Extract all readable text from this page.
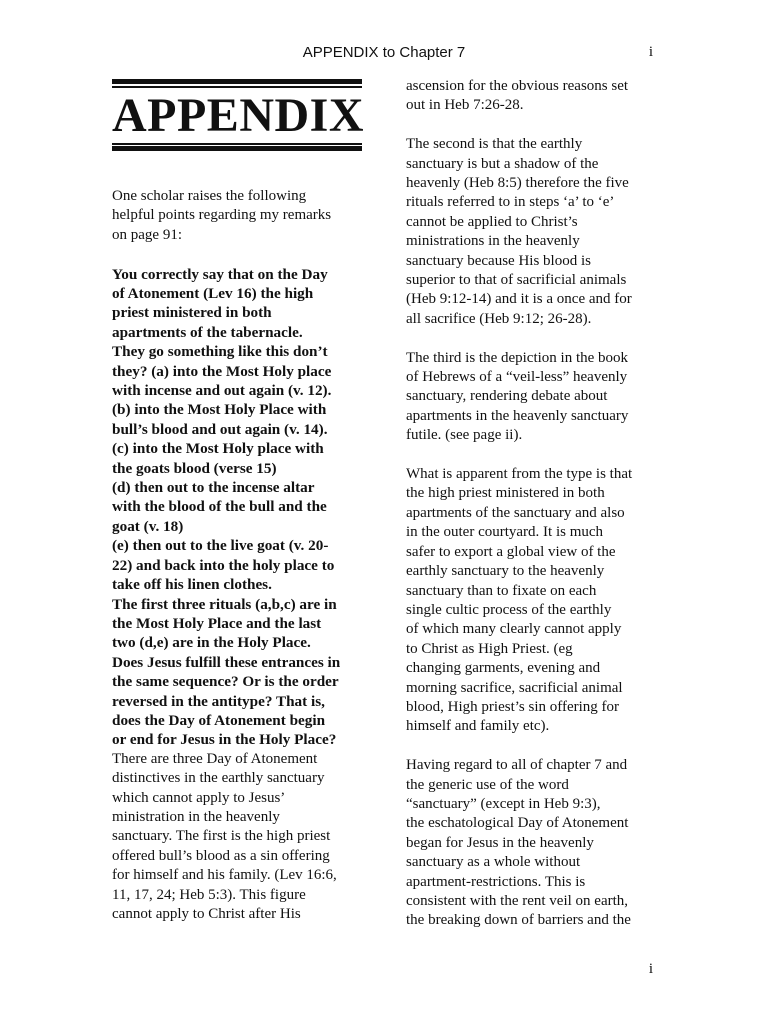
APPENDIX to Chapter 7	i
APPENDIX

One scholar raises the following

helpful points regarding my remarks

on page 91:

You correctly say that on the Day

of Atonement (Lev 16) the high

priest ministered in both

apartments of the tabernacle.

They go something like this don’t

they? (a) into the Most Holy place

with incense and out again (v. 12).

(b) into the Most Holy Place with

bull’s blood and out again (v. 14).

(c) into the Most Holy place with

the goats blood (verse 15)

(d) then out to the incense altar

with the blood of the bull and the

goat (v. 18)

(e) then out to the live goat (v. 20-

22) and back into the holy place to

take off his linen clothes.

The first three rituals (a,b,c) are in

the Most Holy Place and the last

two (d,e) are in the Holy Place.

Does Jesus fulfill these entrances in

the same sequence? Or is the order

reversed in the antitype? That is,

does the Day of Atonement begin

or end for Jesus in the Holy Place?

There are three Day of Atonement

distinctives in the earthly sanctuary

which cannot apply to Jesus’

ministration in the heavenly

sanctuary. The first is the high priest

offered bull’s blood as a sin offering

for himself and his family. (Lev 16:6,

11, 17, 24; Heb 5:3). This figure

cannot apply to Christ after His

ascension for the obvious reasons set

out in Heb 7:26-28.

The second is that the earthly

sanctuary is but a shadow of the

heavenly (Heb 8:5) therefore the five

rituals referred to in steps ‘a’ to ‘e’

cannot be applied to Christ’s

ministrations in the heavenly

sanctuary because His blood is

superior to that of sacrificial animals

(Heb 9:12-14) and it is a once and for

all sacrifice (Heb 9:12; 26-28).

The third is the depiction in the book

of Hebrews of a “veil-less” heavenly

sanctuary, rendering debate about

apartments in the heavenly sanctuary

futile. (see page ii).

What is apparent from the type is that

the high priest ministered in both

apartments of the sanctuary and also

in the outer courtyard. It is much

safer to export a global view of the

earthly sanctuary to the heavenly

sanctuary than to fixate on each

single cultic process of the earthly

of which many clearly cannot apply

to Christ as High Priest. (eg

changing garments, evening and

morning sacrifice, sacrificial animal

blood, High priest’s sin offering for

himself and family etc).

Having regard to all of chapter 7 and

the generic use of the word

“sanctuary” (except in Heb 9:3),

the eschatological Day of Atonement

began for Jesus in the heavenly

sanctuary as a whole without

apartment-restrictions. This is

consistent with the rent veil on earth,

the breaking down of barriers and the

i
